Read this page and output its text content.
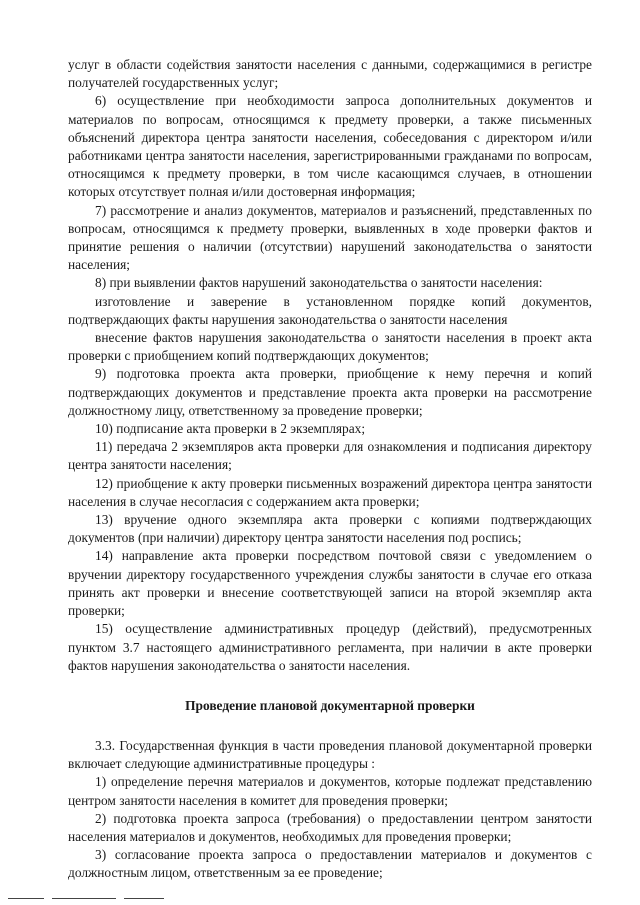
услуг в области содействия занятости населения с данными, содержащимися в регистре получателей государственных услуг;

6) осуществление при необходимости запроса дополнительных документов и материалов по вопросам, относящимся к предмету проверки, а также письменных объяснений директора центра занятости населения, собеседования с директором и/или работниками центра занятости населения, зарегистрированными гражданами по вопросам, относящимся к предмету проверки, в том числе касающимся случаев, в отношении которых отсутствует полная и/или достоверная информация;

7) рассмотрение и анализ документов, материалов и разъяснений, представленных по вопросам, относящимся к предмету проверки, выявленных в ходе проверки фактов и принятие решения о наличии (отсутствии) нарушений законодательства о занятости населения;

8) при выявлении фактов нарушений законодательства о занятости населения:

изготовление и заверение в установленном порядке копий документов, подтверждающих факты нарушения законодательства о занятости населения

внесение фактов нарушения законодательства о занятости населения в проект акта проверки с приобщением копий подтверждающих документов;

9) подготовка проекта акта проверки, приобщение к нему перечня и копий подтверждающих документов и представление проекта акта проверки на рассмотрение должностному лицу, ответственному за проведение проверки;

10) подписание акта проверки в 2 экземплярах;

11) передача 2 экземпляров акта проверки для ознакомления и подписания директору центра занятости населения;

12) приобщение к акту проверки письменных возражений директора центра занятости населения в случае несогласия с содержанием акта проверки;

13) вручение одного экземпляра акта проверки с копиями подтверждающих документов (при наличии) директору центра занятости населения под роспись;

14) направление акта проверки посредством почтовой связи с уведомлением о вручении директору государственного учреждения службы занятости в случае его отказа принять акт проверки и внесение соответствующей записи на второй экземпляр акта проверки;

15) осуществление административных процедур (действий), предусмотренных пунктом 3.7 настоящего административного регламента, при наличии в акте проверки фактов нарушения законодательства о занятости населения.

Проведение плановой документарной проверки

3.3. Государственная функция в части проведения плановой документарной проверки включает следующие административные процедуры :

1) определение перечня материалов и документов, которые подлежат представлению центром занятости населения в комитет для проведения проверки;

2) подготовка проекта запроса (требования) о предоставлении центром занятости населения материалов и документов, необходимых для проведения проверки;

3) согласование проекта запроса о предоставлении материалов и документов с должностным лицом, ответственным за ее проведение;
